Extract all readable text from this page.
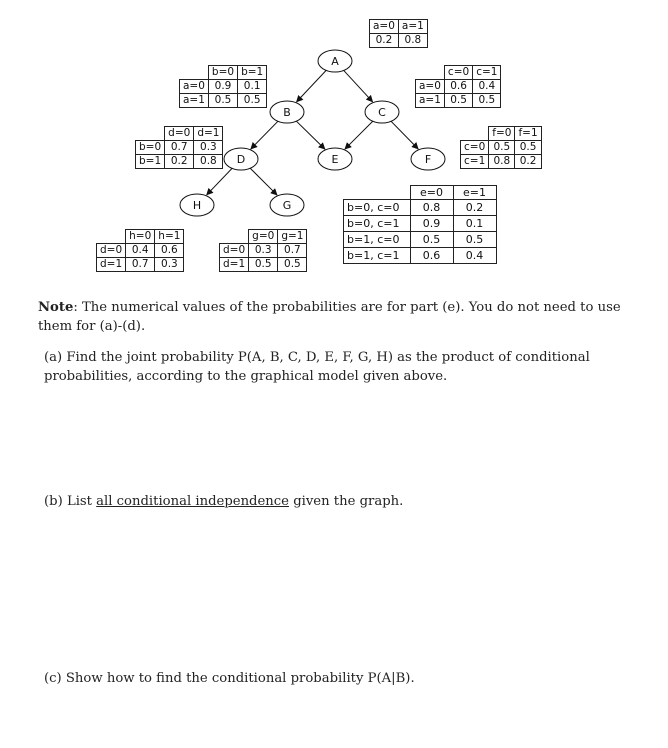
A
B	C
D	E	F
H	G
a=0	a=1
0.2	0.8
	b=0	b=1
a=0	0.9	0.1
a=1	0.5	0.5
	c=0	c=1
a=0	0.6	0.4
a=1	0.5	0.5
	d=0	d=1
b=0	0.7	0.3
b=1	0.2	0.8
	f=0	f=1
c=0	0.5	0.5
c=1	0.8	0.2
	e=0	e=1
b=0, c=0	0.8	0.2
b=0, c=1	0.9	0.1
b=1, c=0	0.5	0.5
b=1, c=1	0.6	0.4
	h=0	h=1
d=0	0.4	0.6
d=1	0.7	0.3
	g=0	g=1
d=0	0.3	0.7
d=1	0.5	0.5
Note: The numerical values of the probabilities are for part (e). You do not need to use them for (a)-(d).
(a) Find the joint probability P(A, B, C, D, E, F, G, H) as the product of conditional probabilities, according to the graphical model given above.
(b) List all conditional independence given the graph.
(c) Show how to find the conditional probability P(A|B).
